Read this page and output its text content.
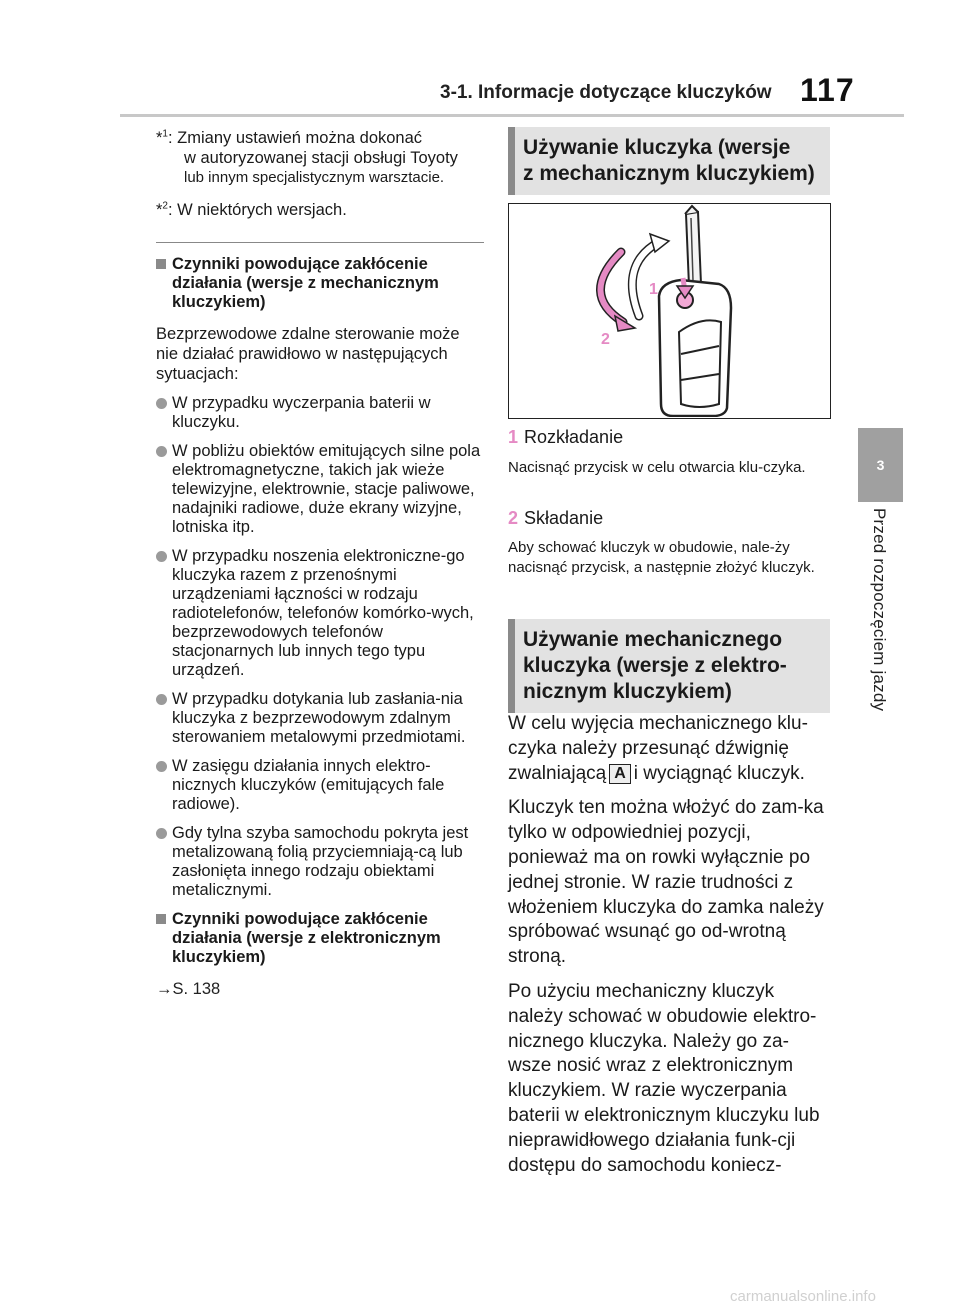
3-1. Informacje dotyczące kluczyków 117
3
Przed rozpoczęciem jazdy
*$^1$: Zmiany ustawień można dokonać
w autoryzowanej stacji obsługi Toyoty
lub innym specjalistycznym warsztacie.
*$^2$: W niektórych wersjach.
Czynniki powodujące zakłócenie działania (wersje z mechanicznym kluczykiem)
Bezprzewodowe zdalne sterowanie może nie działać prawidłowo w następujących sytuacjach:
W przypadku wyczerpania baterii w kluczyku.
W pobliżu obiektów emitujących silne pola elektromagnetyczne, takich jak wieże telewizyjne, elektrownie, stacje paliwowe, nadajniki radiowe, duże ekrany wizyjne, lotniska itp.
W przypadku noszenia elektroniczne-go kluczyka razem z przenośnymi urządzeniami łączności w rodzaju radiotelefonów, telefonów komórko-wych, bezprzewodowych telefonów stacjonarnych lub innych tego typu urządzeń.
W przypadku dotykania lub zasłania-nia kluczyka z bezprzewodowym zdalnym sterowaniem metalowymi przedmiotami.
W zasięgu działania innych elektro-nicznych kluczyków (emitujących fale radiowe).
Gdy tylna szyba samochodu pokryta jest metalizowaną folią przyciemniają-cą lub zasłonięta innego rodzaju obiektami metalicznymi.
Czynniki powodujące zakłócenie działania (wersje z elektronicznym kluczykiem)
→S. 138
Używanie kluczyka (wersje
z mechanicznym kluczykiem)
1
2
1 Rozkładanie
Nacisnąć przycisk w celu otwarcia klu-czyka.
2 Składanie
Aby schować kluczyk w obudowie, nale-ży nacisnąć przycisk, a następnie złożyć kluczyk.
Używanie mechanicznego
kluczyka (wersje z elektro-
nicznym kluczykiem)

W celu wyjęcia mechanicznego klu-czyka należy przesunąć dźwignię zwalniającą A i wyciągnąć kluczyk.

Kluczyk ten można włożyć do zam-ka tylko w odpowiedniej pozycji, ponieważ ma on rowki wyłącznie po jednej stronie. W razie trudności z włożeniem kluczyka do zamka należy spróbować wsunąć go od-wrotną stroną.

Po użyciu mechaniczny kluczyk należy schować w obudowie elektro-nicznego kluczyka. Należy go za-wsze nosić wraz z elektronicznym kluczykiem. W razie wyczerpania baterii w elektronicznym kluczyku lub nieprawidłowego działania funk-cji dostępu do samochodu koniecz-

carmanualsonline.info
